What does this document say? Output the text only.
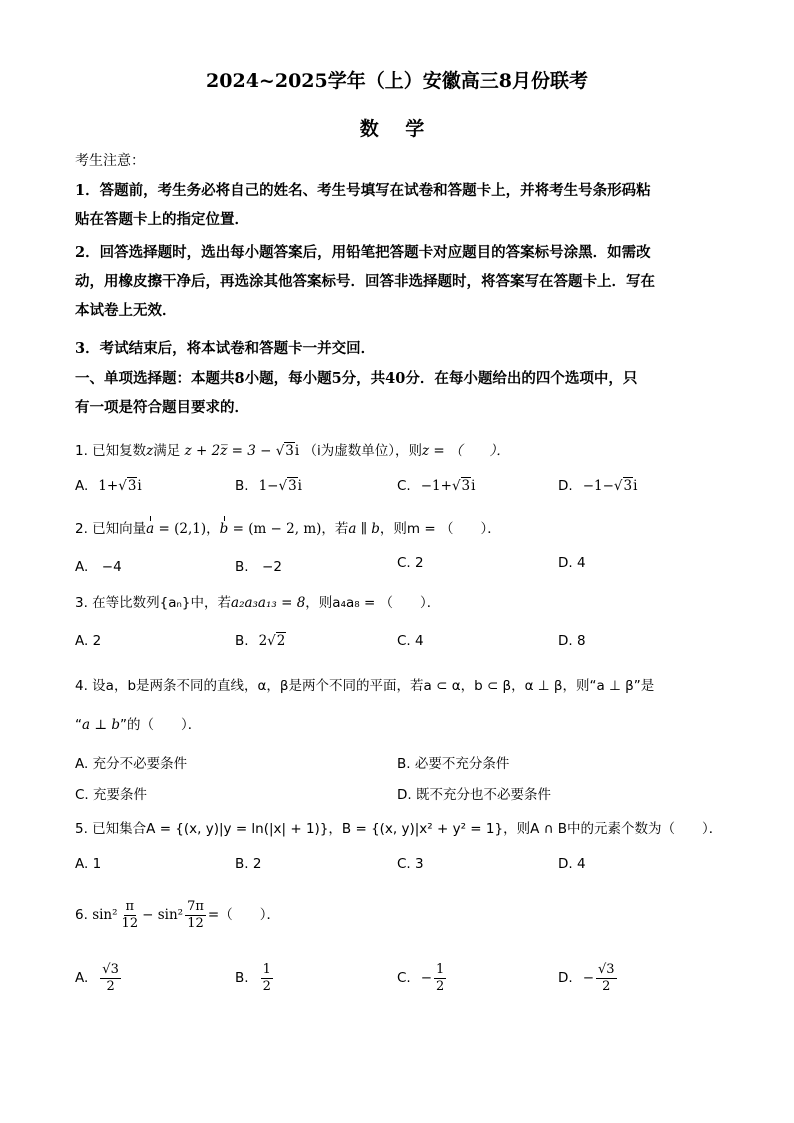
2024~2025学年（上）安徽高三8月份联考
数 学
考生注意：
1．答题前，考生务必将自己的姓名、考生号填写在试卷和答题卡上，并将考生号条形码粘
贴在答题卡上的指定位置．
2．回答选择题时，选出每小题答案后，用铅笔把答题卡对应题目的答案标号涂黑．如需改
动，用橡皮擦干净后，再选涂其他答案标号．回答非选择题时，将答案写在答题卡上．写在
本试卷上无效．
3．考试结束后，将本试卷和答题卡一并交回．
一、单项选择题：本题共8小题，每小题5分，共40分．在每小题给出的四个选项中，只
有一项是符合题目要求的．
1. 已知复数z满足 z + 2z̅ = 3 − √3i （i为虚数单位），则z = （　　）．
A. 1+√3i	B. 1−√3i	C. −1+√3i	D. −1−√3i
2. 已知向量a = (2,1)，b = (m − 2, m)，若a ∥ b，则m = （　　）．
A.　−4	B.　−2	C. 2	D. 4
3. 在等比数列{aₙ}中，若a₂a₃a₁₃ = 8，则a₄a₈ = （　　）．
A. 2	B. 2√2	C. 4	D. 8
4. 设a，b是两条不同的直线，α，β是两个不同的平面，若a ⊂ α，b ⊂ β，α ⊥ β，则“a ⊥ β”是
“a ⊥ b”的（　　）．
A. 充分不必要条件	B. 必要不充分条件
C. 充要条件	D. 既不充分也不必要条件
5. 已知集合A = {(x, y)|y = ln(|x| + 1)}，B = {(x, y)|x² + y² = 1}，则A ∩ B中的元素个数为（　　）．
A. 1	B. 2	C. 3	D. 4
6.
$\sin^2 \frac{\pi}{12} - \sin^2 \frac{7\pi}{12}$ =（　　）．
A. $\frac{√3}{2}$	B. $\frac{1}{2}$	C. − $\frac{1}{2}$	D. − $\frac{√3}{2}$
